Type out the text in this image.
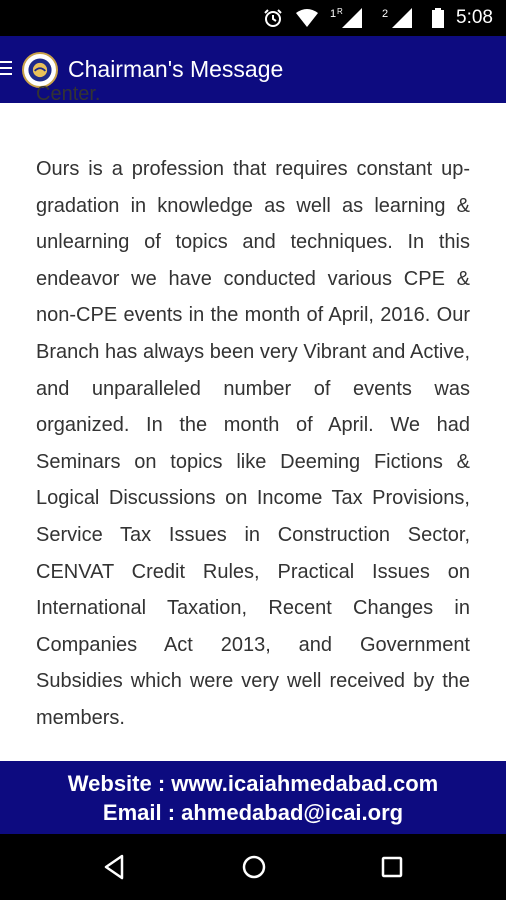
1 R	2	5:08
Chairman's Message
Center.

Ours is a profession that requires constant up-gradation in knowledge as well as learning & unlearning of topics and techniques. In this endeavor we have conducted various CPE & non-CPE events in the month of April, 2016. Our Branch has always been very Vibrant and Active, and unparalleled number of events was organized. In the month of April. We had Seminars on topics like Deeming Fictions & Logical Discussions on Income Tax Provisions, Service Tax Issues in Construction Sector, CENVAT Credit Rules, Practical Issues on International Taxation, Recent Changes in Companies Act 2013, and Government Subsidies which were very well received by the members.

Website : www.icaiahmedabad.com
Email : ahmedabad@icai.org
